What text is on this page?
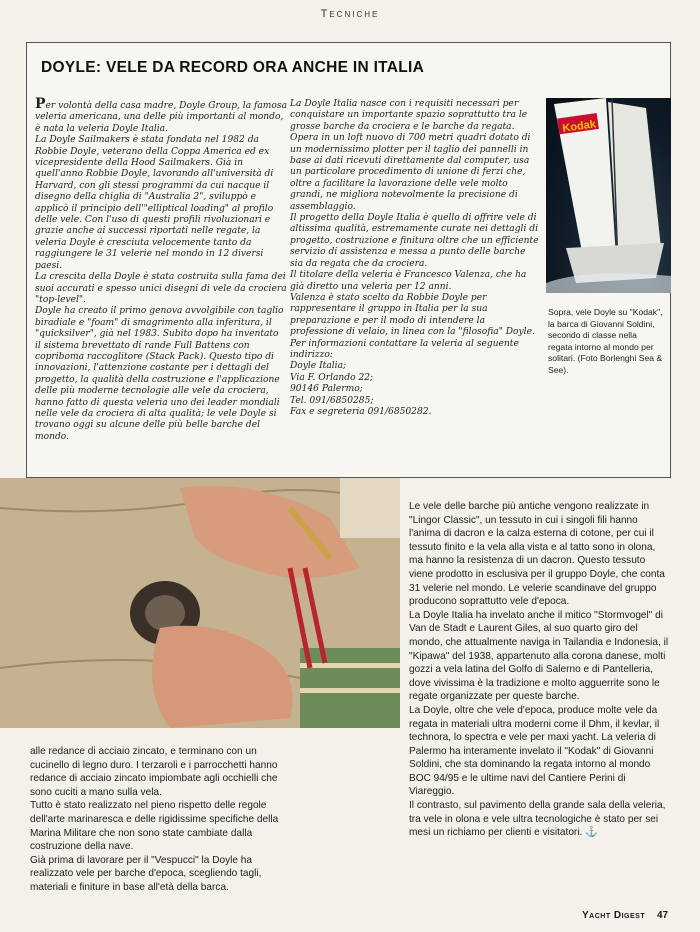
Tecniche
DOYLE: VELE DA RECORD ORA ANCHE IN ITALIA

Per volontà della casa madre, Doyle Group, la famosa veleria americana, una delle più importanti al mondo, è nata la veleria Doyle Italia.

La Doyle Sailmakers è stata fondata nel 1982 da Robbie Doyle, veterano della Coppa America ed ex vicepresidente della Hood Sailmakers. Già in quell'anno Robbie Doyle, lavorando all'università di Harvard, con gli stessi programmi da cui nacque il disegno della chiglia di "Australia 2", sviluppò e applicò il principio dell'"elliptical loading" al profilo delle vele. Con l'uso di questi profili rivoluzionari e grazie anche ai successi riportati nelle regate, la veleria Doyle è cresciuta velocemente tanto da raggiungere le 31 velerie nel mondo in 12 diversi paesi.

La crescita della Doyle è stata costruita sulla fama dei suoi accurati e spesso unici disegni di vele da crociera "top-level".

Doyle ha creato il primo genova avvolgibile con taglio biradiale e "foam" di smagrimento alla inferitura, il "quicksilver", già nel 1983. Subito dopo ha inventato il sistema brevettato di rande Full Battens con copriboma raccoglitore (Stack Pack). Questo tipo di innovazioni, l'attenzione costante per i dettagli del progetto, la qualità della costruzione e l'applicazione delle più moderne tecnologie alle vele da crociera, hanno fatto di questa veleria uno dei leader mondiali nelle vele da crociera di alta qualità; le vele Doyle si trovano oggi su alcune delle più belle barche del mondo.

La Doyle Italia nasce con i requisiti necessari per conquistare un importante spazio soprattutto tra le grosse barche da crociera e le barche da regata. Opera in un loft nuovo di 700 metri quadri dotato di un modernissimo plotter per il taglio dei pannelli in base ai dati ricevuti direttamente dal computer, usa un particolare procedimento di unione di ferzi che, oltre a facilitare la lavorazione delle vele molto grandi, ne migliora notevolmente la precisione di assemblaggio.

Il progetto della Doyle Italia è quello di offrire vele di altissima qualità, estremamente curate nei dettagli di progetto, costruzione e finitura oltre che un efficiente servizio di assistenza e messa a punto delle barche sia da regata che da crociera.

Il titolare della veleria è Francesco Valenza, che ha già diretto una veleria per 12 anni.

Valenza è stato scelto da Robbie Doyle per rappresentare il gruppo in Italia per la sua preparazione e per il modo di intendere la professione di velaio, in linea con la "filosofia" Doyle.

Per informazioni contattare la veleria al seguente indirizzo:

Doyle Italia;

Via F. Orlando 22;

90146 Palermo;

Tel. 091/6850285;

Fax e segreteria 091/6850282.

Kodak
Sopra, vele Doyle su "Kodak", la barca di Giovanni Soldini, secondo di classe nella regata intorno al mondo per solitari. (Foto Borlenghi Sea & See).

alle redance di acciaio zincato, e terminano con un cucinello di legno duro. I terzaroli e i parrocchetti hanno redance di acciaio zincato impiombate agli occhielli che sono cuciti a mano sulla vela.

Tutto è stato realizzato nel pieno rispetto delle regole dell'arte marinaresca e delle rigidissime specifiche della Marina Militare che non sono state cambiate dalla costruzione della nave.

Già prima di lavorare per il "Vespucci" la Doyle ha realizzato vele per barche d'epoca, scegliendo tagli, materiali e finiture in base all'età della barca.

Le vele delle barche più antiche vengono realizzate in "Lingor Classic", un tessuto in cui i singoli fili hanno l'anima di dacron e la calza esterna di cotone, per cui il tessuto finito e la vela alla vista e al tatto sono in olona, ma hanno la resistenza di un dacron. Questo tessuto viene prodotto in esclusiva per il gruppo Doyle, che conta 31 velerie nel mondo. Le velerie scandinave del gruppo producono soprattutto vele d'epoca.

La Doyle Italia ha invelato anche il mitico "Stormvogel" di Van de Stadt e Laurent Giles, al suo quarto giro del mondo, che attualmente naviga in Tailandia e Indonesia, il "Kipawa" del 1938, appartenuto alla corona danese, molti gozzi a vela latina del Golfo di Salerno e di Pantelleria, dove vivissima è la tradizione e molto agguerrite sono le regate organizzate per queste barche.

La Doyle, oltre che vele d'epoca, produce molte vele da regata in materiali ultra moderni come il Dhm, il kevlar, il technora, lo spectra e vele per maxi yacht. La veleria di Palermo ha interamente invelato il "Kodak" di Giovanni Soldini, che sta dominando la regata intorno al mondo BOC 94/95 e le ultime navi del Cantiere Perini di Viareggio.

Il contrasto, sul pavimento della grande sala della veleria, tra vele in olona e vele ultra tecnologiche è stato per sei mesi un richiamo per clienti e visitatori. ⚓

Yacht Digest 47
